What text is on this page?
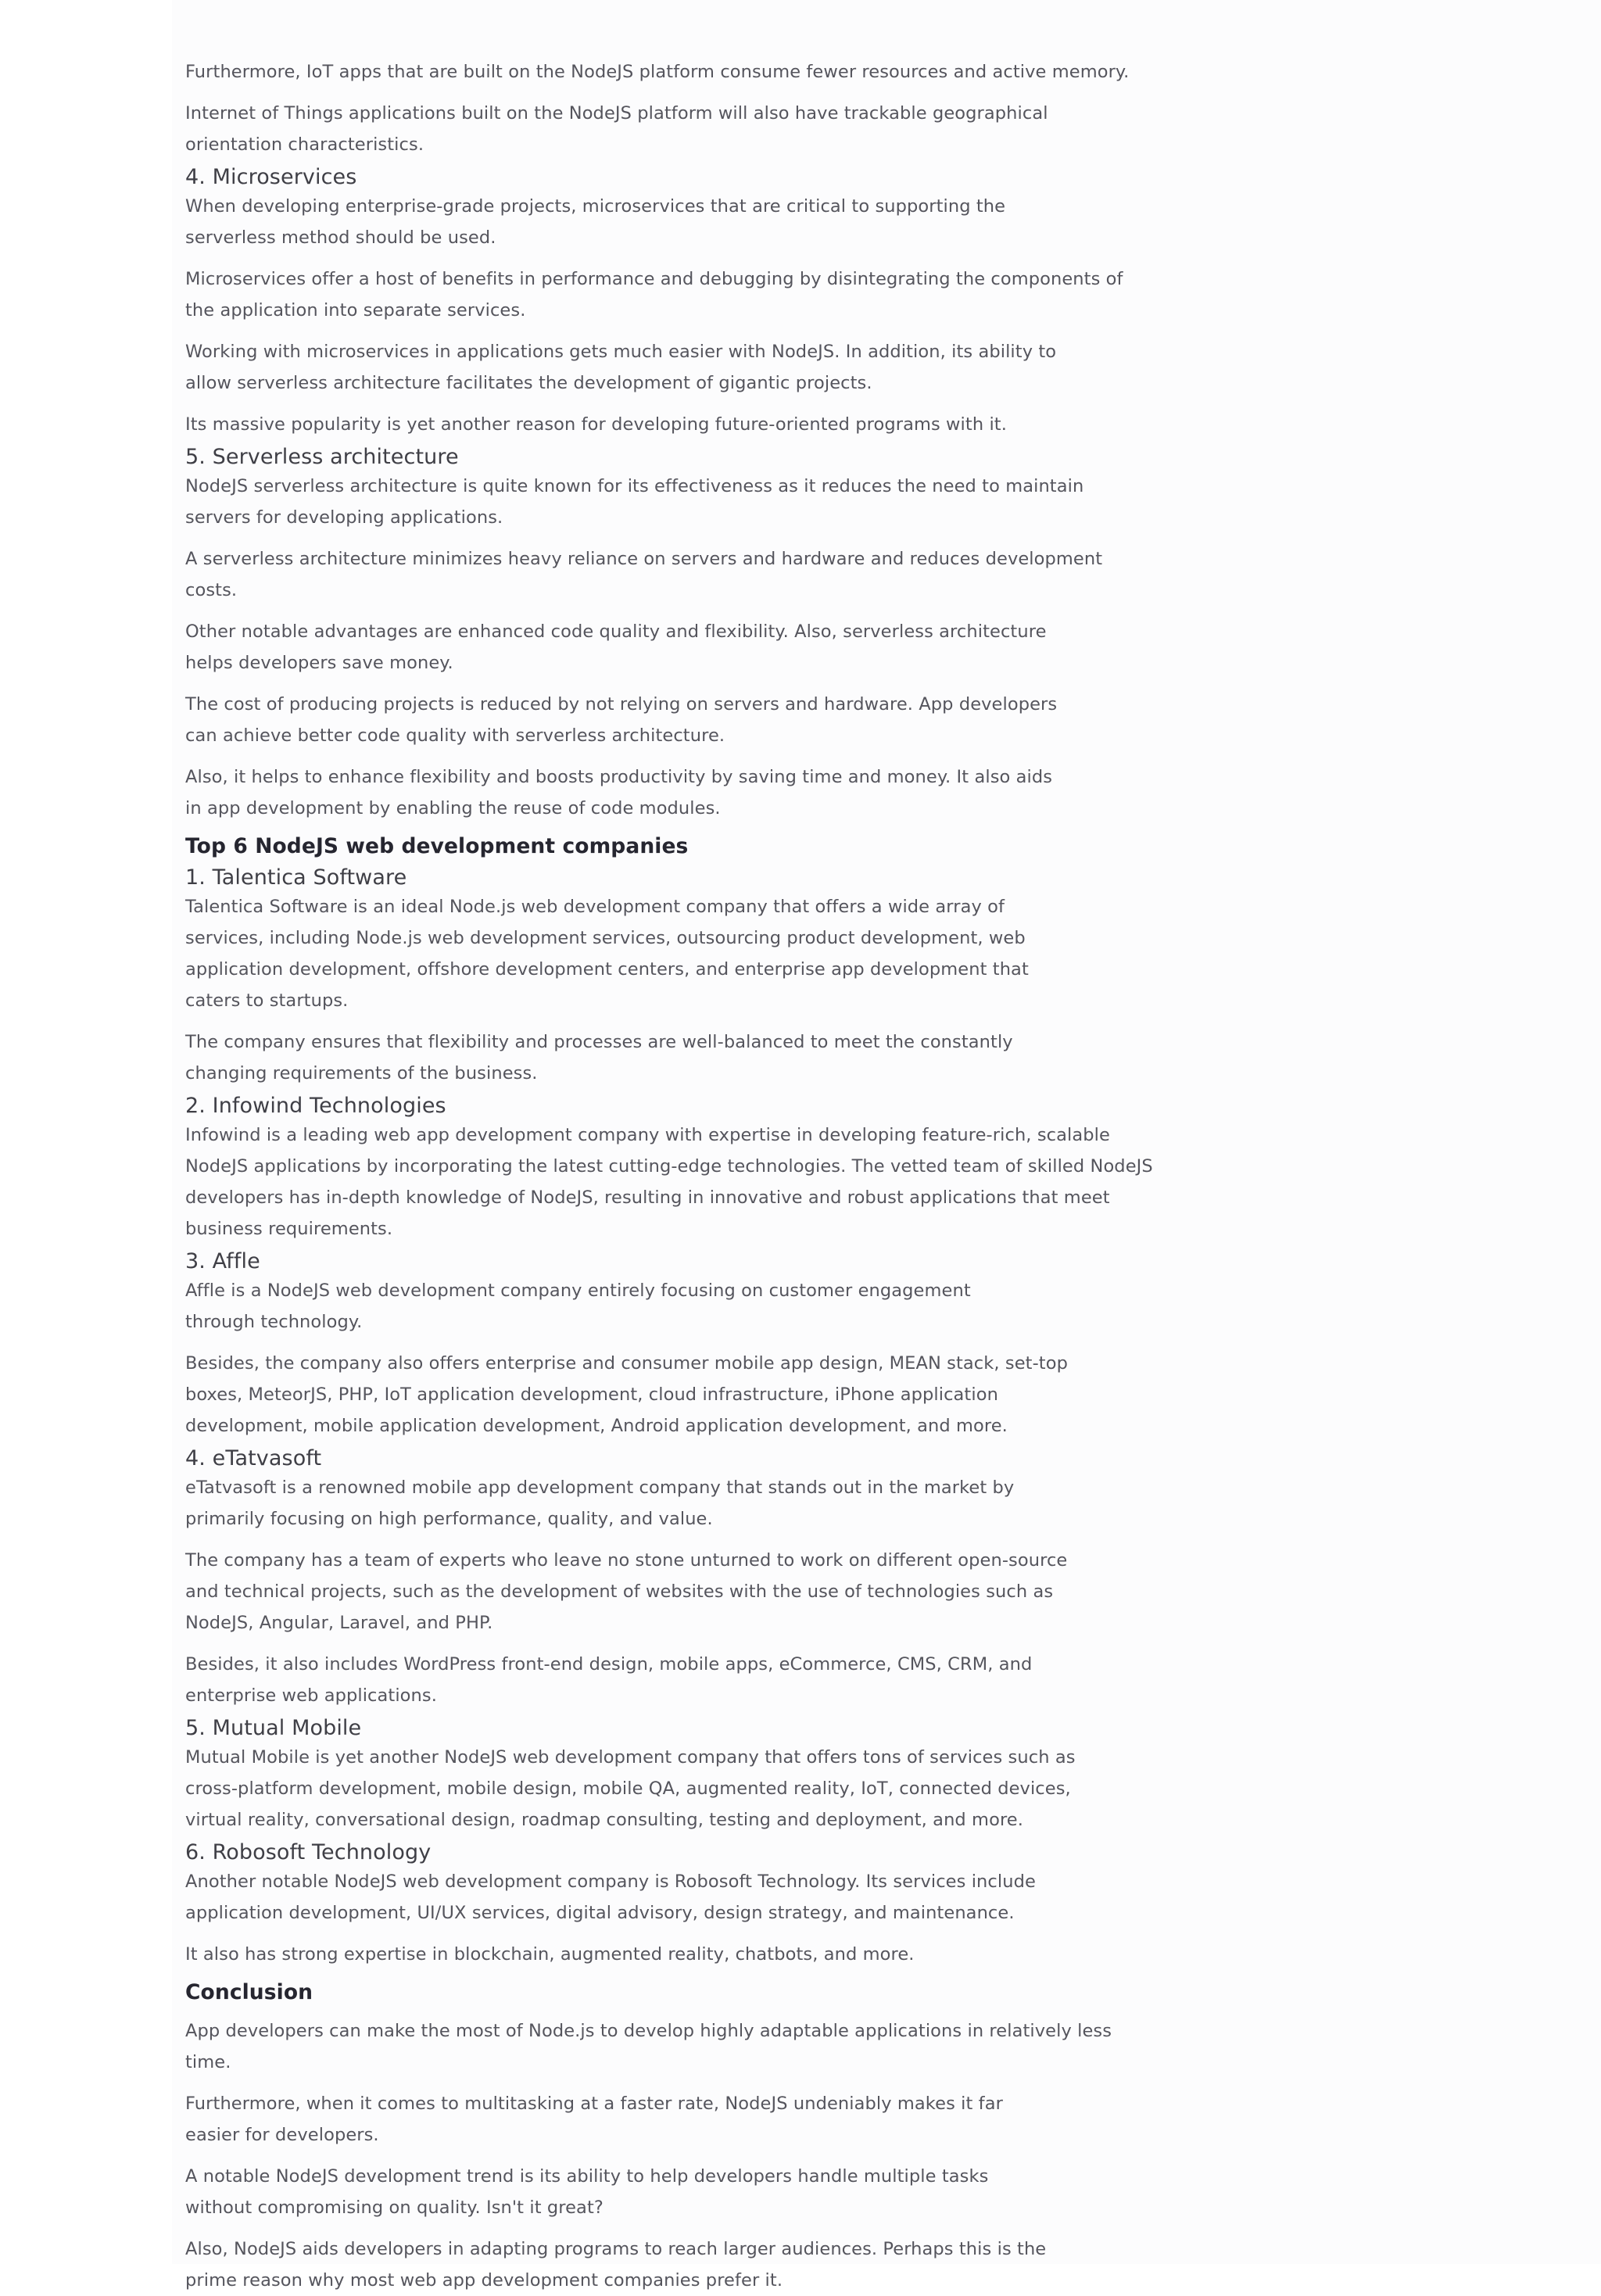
Furthermore, IoT apps that are built on the NodeJS platform consume fewer resources and active memory.

Internet of Things applications built on the NodeJS platform will also have trackable geographical orientation characteristics.

4. Microservices

When developing enterprise-grade projects, microservices that are critical to supporting the serverless method should be used.

Microservices offer a host of benefits in performance and debugging by disintegrating the components of the application into separate services.

Working with microservices in applications gets much easier with NodeJS. In addition, its ability to allow serverless architecture facilitates the development of gigantic projects.

Its massive popularity is yet another reason for developing future-oriented programs with it.

5. Serverless architecture

NodeJS serverless architecture is quite known for its effectiveness as it reduces the need to maintain servers for developing applications.

A serverless architecture minimizes heavy reliance on servers and hardware and reduces development costs.

Other notable advantages are enhanced code quality and flexibility. Also, serverless architecture helps developers save money.

The cost of producing projects is reduced by not relying on servers and hardware. App developers can achieve better code quality with serverless architecture.

Also, it helps to enhance flexibility and boosts productivity by saving time and money. It also aids in app development by enabling the reuse of code modules.

Top 6 NodeJS web development companies
1. Talentica Software

Talentica Software is an ideal Node.js web development company that offers a wide array of services, including Node.js web development services, outsourcing product development, web application development, offshore development centers, and enterprise app development that caters to startups.

The company ensures that flexibility and processes are well-balanced to meet the constantly changing requirements of the business.

2. Infowind Technologies

Infowind is a leading web app development company with expertise in developing feature-rich, scalable NodeJS applications by incorporating the latest cutting-edge technologies. The vetted team of skilled NodeJS developers has in-depth knowledge of NodeJS, resulting in innovative and robust applications that meet business requirements.

3. Affle

Affle is a NodeJS web development company entirely focusing on customer engagement through technology.

Besides, the company also offers enterprise and consumer mobile app design, MEAN stack, set-top boxes, MeteorJS, PHP, IoT application development, cloud infrastructure, iPhone application development, mobile application development, Android application development, and more.

4. eTatvasoft

eTatvasoft is a renowned mobile app development company that stands out in the market by primarily focusing on high performance, quality, and value.

The company has a team of experts who leave no stone unturned to work on different open-source and technical projects, such as the development of websites with the use of technologies such as NodeJS, Angular, Laravel, and PHP.

Besides, it also includes WordPress front-end design, mobile apps, eCommerce, CMS, CRM, and enterprise web applications.

5. Mutual Mobile

Mutual Mobile is yet another NodeJS web development company that offers tons of services such as cross-platform development, mobile design, mobile QA, augmented reality, IoT, connected devices, virtual reality, conversational design, roadmap consulting, testing and deployment, and more.

6. Robosoft Technology

Another notable NodeJS web development company is Robosoft Technology. Its services include application development, UI/UX services, digital advisory, design strategy, and maintenance.

It also has strong expertise in blockchain, augmented reality, chatbots, and more.

Conclusion

App developers can make the most of Node.js to develop highly adaptable applications in relatively less time.

Furthermore, when it comes to multitasking at a faster rate, NodeJS undeniably makes it far easier for developers.

A notable NodeJS development trend is its ability to help developers handle multiple tasks without compromising on quality. Isn't it great?

Also, NodeJS aids developers in adapting programs to reach larger audiences. Perhaps this is the prime reason why most web app development companies prefer it.
